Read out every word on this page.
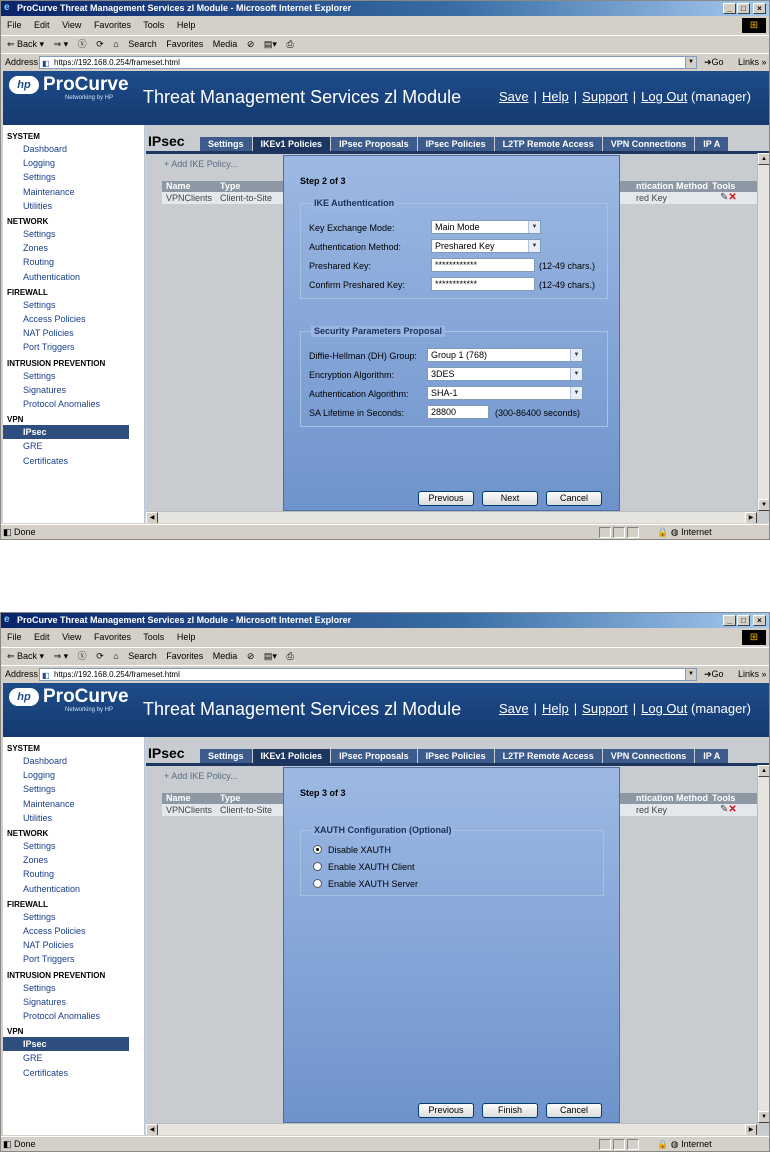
e ProCurve Threat Management Services zl Module - Microsoft Internet Explorer	_	□	×
File Edit View Favorites Tools Help	⊞
⇐ Back ▾ ⇒ ▾ ⓧ ⟳ ⌂ Search Favorites Media ⊘ ▤▾ ⎙
Address ◧ https://192.168.0.254/frameset.html	▼ ➜Go Links »
hp ProCurve
Networking by HP Threat Management Services zl Module	Save | Help | Support | Log Out (manager)
SYSTEM
Dashboard
Logging
Settings
Maintenance
Utilities
NETWORK
Settings
Zones
Routing
Authentication
FIREWALL
Settings
Access Policies
NAT Policies
Port Triggers
INTRUSION PREVENTION
Settings
Signatures
Protocol Anomalies
VPN
IPsec
GRE
Certificates
IPsec	Settings	IKEv1 Policies	IPsec Proposals	IPsec Policies	L2TP Remote Access	VPN Connections	IP A
+ Add IKE Policy...
Name	Type	ntication Method Tools
VPNClients Client-to-Site	red Key	✎✕
▲
▼
◀	▶
Step 2 of 3
IKE Authentication
Key Exchange Mode:	Main Mode	▼
Authentication Method:	Preshared Key	▼
Preshared Key:	************	(12-49 chars.)
Confirm Preshared Key:	************	(12-49 chars.)
Security Parameters Proposal
Diffie-Hellman (DH) Group:	Group 1 (768)	▼
Encryption Algorithm:	3DES	▼
Authentication Algorithm:	SHA-1	▼
SA Lifetime in Seconds:	28800	(300-86400 seconds)
Previous	Next	Cancel
◧ Done	🔒 ◍ Internet
e ProCurve Threat Management Services zl Module - Microsoft Internet Explorer	_	□	×
File Edit View Favorites Tools Help	⊞
⇐ Back ▾ ⇒ ▾ ⓧ ⟳ ⌂ Search Favorites Media ⊘ ▤▾ ⎙
Address ◧ https://192.168.0.254/frameset.html	▼ ➜Go Links »
hp ProCurve
Networking by HP Threat Management Services zl Module	Save | Help | Support | Log Out (manager)
SYSTEM
Dashboard
Logging
Settings
Maintenance
Utilities
NETWORK
Settings
Zones
Routing
Authentication
FIREWALL
Settings
Access Policies
NAT Policies
Port Triggers
INTRUSION PREVENTION
Settings
Signatures
Protocol Anomalies
VPN
IPsec
GRE
Certificates
IPsec	Settings	IKEv1 Policies	IPsec Proposals	IPsec Policies	L2TP Remote Access	VPN Connections	IP A
+ Add IKE Policy...
Name	Type	ntication Method Tools
VPNClients Client-to-Site	red Key	✎✕
▲
▼
◀	▶
Step 3 of 3
XAUTH Configuration (Optional)
Disable XAUTH
Enable XAUTH Client
Enable XAUTH Server
Previous	Finish	Cancel
◧ Done	🔒 ◍ Internet
